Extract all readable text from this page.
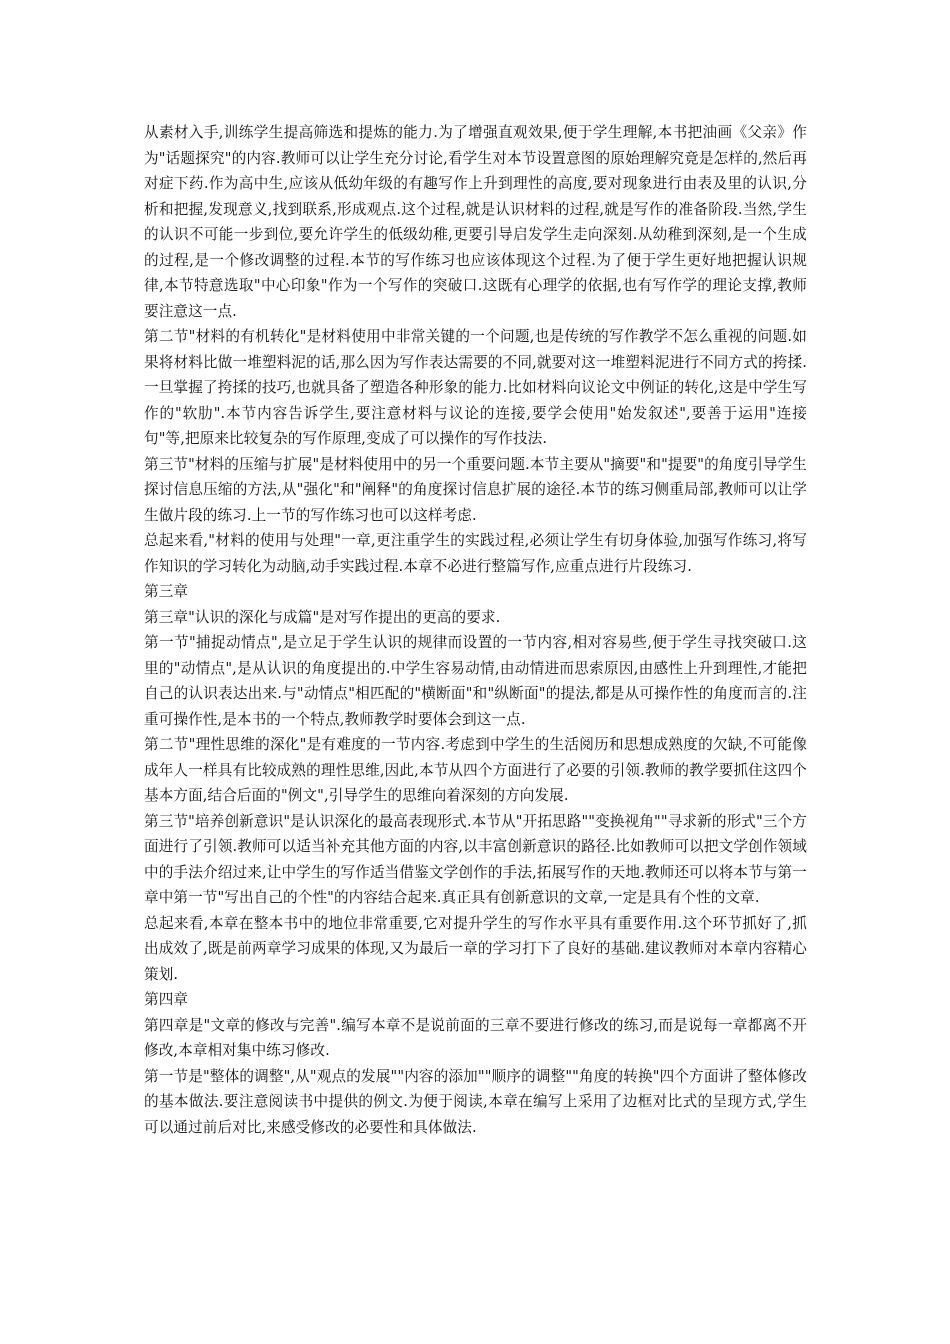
从素材入手,训练学生提高筛选和提炼的能力.为了增强直观效果,便于学生理解,本书把油画《父亲》作为"话题探究"的内容.教师可以让学生充分讨论,看学生对本节设置意图的原始理解究竟是怎样的,然后再对症下药.作为高中生,应该从低幼年级的有趣写作上升到理性的高度,要对现象进行由表及里的认识,分析和把握,发现意义,找到联系,形成观点.这个过程,就是认识材料的过程,就是写作的准备阶段.当然,学生的认识不可能一步到位,要允许学生的低级幼稚,更要引导启发学生走向深刻.从幼稚到深刻,是一个生成的过程,是一个修改调整的过程.本节的写作练习也应该体现这个过程.为了便于学生更好地把握认识规律,本节特意选取"中心印象"作为一个写作的突破口.这既有心理学的依据,也有写作学的理论支撑,教师要注意这一点.

第二节"材料的有机转化"是材料使用中非常关键的一个问题,也是传统的写作教学不怎么重视的问题.如果将材料比做一堆塑料泥的话,那么因为写作表达需要的不同,就要对这一堆塑料泥进行不同方式的挎揉.一旦掌握了挎揉的技巧,也就具备了塑造各种形象的能力.比如材料向议论文中例证的转化,这是中学生写作的"软肋".本节内容告诉学生,要注意材料与议论的连接,要学会使用"始发叙述",要善于运用"连接句"等,把原来比较复杂的写作原理,变成了可以操作的写作技法.

第三节"材料的压缩与扩展"是材料使用中的另一个重要问题.本节主要从"摘要"和"提要"的角度引导学生探讨信息压缩的方法,从"强化"和"阐释"的角度探讨信息扩展的途径.本节的练习侧重局部,教师可以让学生做片段的练习.上一节的写作练习也可以这样考虑.

总起来看,"材料的使用与处理"一章,更注重学生的实践过程,必须让学生有切身体验,加强写作练习,将写作知识的学习转化为动脑,动手实践过程.本章不必进行整篇写作,应重点进行片段练习.

第三章

第三章"认识的深化与成篇"是对写作提出的更高的要求.

第一节"捕捉动情点",是立足于学生认识的规律而设置的一节内容,相对容易些,便于学生寻找突破口.这里的"动情点",是从认识的角度提出的.中学生容易动情,由动情进而思索原因,由感性上升到理性,才能把自己的认识表达出来.与"动情点"相匹配的"横断面"和"纵断面"的提法,都是从可操作性的角度而言的.注重可操作性,是本书的一个特点,教师教学时要体会到这一点.

第二节"理性思维的深化"是有难度的一节内容.考虑到中学生的生活阅历和思想成熟度的欠缺,不可能像成年人一样具有比较成熟的理性思维,因此,本节从四个方面进行了必要的引领.教师的教学要抓住这四个基本方面,结合后面的"例文",引导学生的思维向着深刻的方向发展.

第三节"培养创新意识"是认识深化的最高表现形式.本节从"开拓思路""变换视角""寻求新的形式"三个方面进行了引领.教师可以适当补充其他方面的内容,以丰富创新意识的路径.比如教师可以把文学创作领域中的手法介绍过来,让中学生的写作适当借鉴文学创作的手法,拓展写作的天地.教师还可以将本节与第一章中第一节"写出自己的个性"的内容结合起来.真正具有创新意识的文章,一定是具有个性的文章.

总起来看,本章在整本书中的地位非常重要,它对提升学生的写作水平具有重要作用.这个环节抓好了,抓出成效了,既是前两章学习成果的体现,又为最后一章的学习打下了良好的基础.建议教师对本章内容精心策划.

第四章

第四章是"文章的修改与完善".编写本章不是说前面的三章不要进行修改的练习,而是说每一章都离不开修改,本章相对集中练习修改.

第一节是"整体的调整",从"观点的发展""内容的添加""顺序的调整""角度的转换"四个方面讲了整体修改的基本做法.要注意阅读书中提供的例文.为便于阅读,本章在编写上采用了边框对比式的呈现方式,学生可以通过前后对比,来感受修改的必要性和具体做法.
